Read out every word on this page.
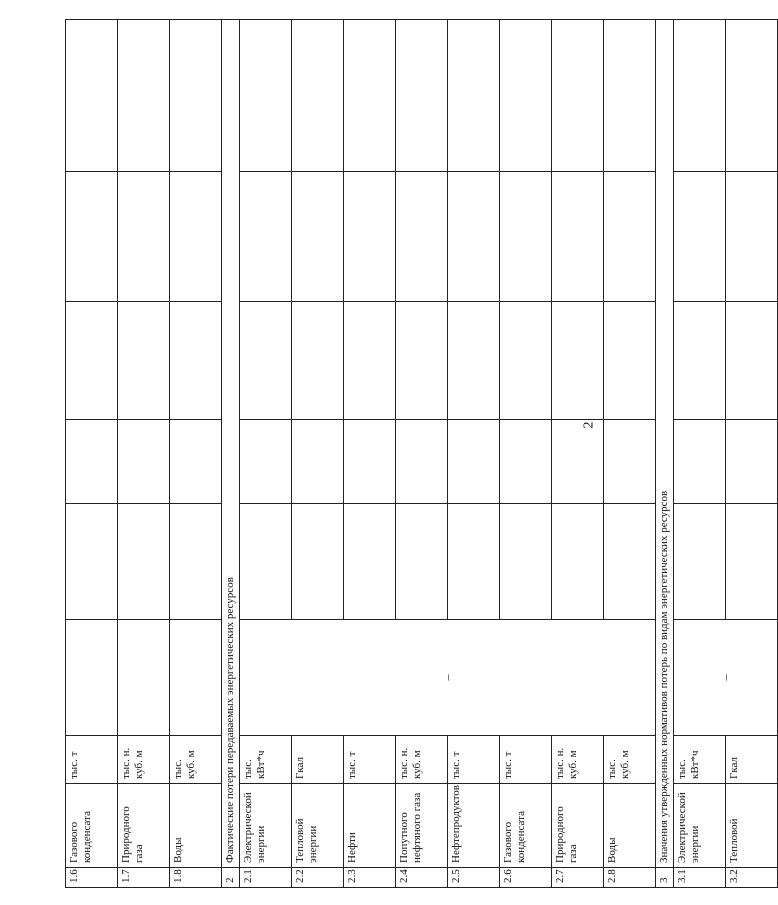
2
1.6	Газового конденсата	тыс. т						
1.7	Природного газа	тыс. н. куб. м						
1.8	Воды	тыс. куб. м						
2	Фактические потери передаваемых энергетических ресурсов							
2.1	Электрической энергии	тыс. кВт*ч	–					
2.2	Тепловой энергии	Гкал						
2.3	Нефти	тыс. т						
2.4	Попутного нефтяного газа	тыс. н. куб. м						
2.5	Нефтепродуктов	тыс. т						
2.6	Газового конденсата	тыс. т						
2.7	Природного газа	тыс. н. куб. м						
2.8	Воды	тыс. куб. м						
3	Значения утвержденных нормативов потерь по видам энергетических ресурсов							
3.1	Электрической энергии	тыс. кВт*ч	–					
3.2	Тепловой	Гкал						
